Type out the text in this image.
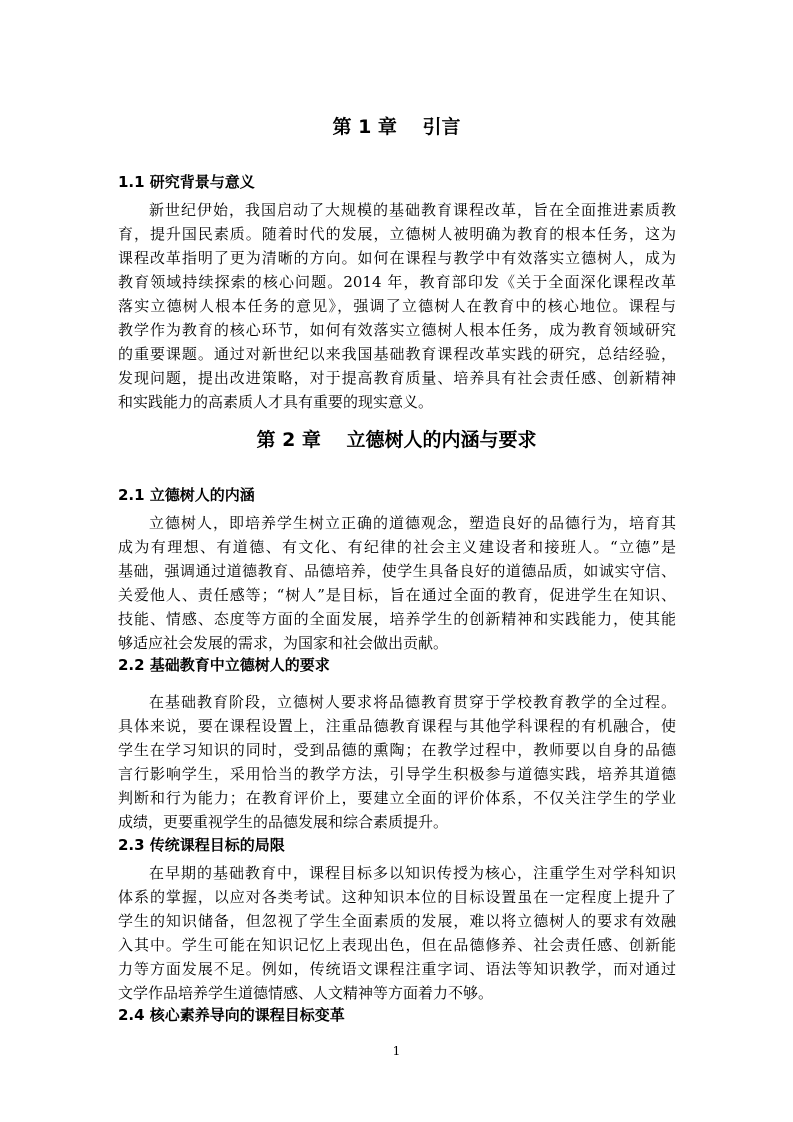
第 1 章　 引言
1.1 研究背景与意义
新世纪伊始，我国启动了大规模的基础教育课程改革，旨在全面推进素质教
育，提升国民素质。随着时代的发展，立德树人被明确为教育的根本任务，这为
课程改革指明了更为清晰的方向。如何在课程与教学中有效落实立德树人，成为
教育领域持续探索的核心问题。2014 年，教育部印发《关于全面深化课程改革
落实立德树人根本任务的意见》，强调了立德树人在教育中的核心地位。课程与
教学作为教育的核心环节，如何有效落实立德树人根本任务，成为教育领域研究
的重要课题。通过对新世纪以来我国基础教育课程改革实践的研究，总结经验，
发现问题，提出改进策略，对于提高教育质量、培养具有社会责任感、创新精神
和实践能力的高素质人才具有重要的现实意义。
第 2 章　 立德树人的内涵与要求
2.1 立德树人的内涵
立德树人，即培养学生树立正确的道德观念，塑造良好的品德行为，培育其
成为有理想、有道德、有文化、有纪律的社会主义建设者和接班人。“立德”是
基础，强调通过道德教育、品德培养，使学生具备良好的道德品质，如诚实守信、
关爱他人、责任感等；“树人”是目标，旨在通过全面的教育，促进学生在知识、
技能、情感、态度等方面的全面发展，培养学生的创新精神和实践能力，使其能
够适应社会发展的需求，为国家和社会做出贡献。
2.2 基础教育中立德树人的要求
在基础教育阶段，立德树人要求将品德教育贯穿于学校教育教学的全过程。
具体来说，要在课程设置上，注重品德教育课程与其他学科课程的有机融合，使
学生在学习知识的同时，受到品德的熏陶；在教学过程中，教师要以自身的品德
言行影响学生，采用恰当的教学方法，引导学生积极参与道德实践，培养其道德
判断和行为能力；在教育评价上，要建立全面的评价体系，不仅关注学生的学业
成绩，更要重视学生的品德发展和综合素质提升。
2.3 传统课程目标的局限
在早期的基础教育中，课程目标多以知识传授为核心，注重学生对学科知识
体系的掌握，以应对各类考试。这种知识本位的目标设置虽在一定程度上提升了
学生的知识储备，但忽视了学生全面素质的发展，难以将立德树人的要求有效融
入其中。学生可能在知识记忆上表现出色，但在品德修养、社会责任感、创新能
力等方面发展不足。例如，传统语文课程注重字词、语法等知识教学，而对通过
文学作品培养学生道德情感、人文精神等方面着力不够。
2.4 核心素养导向的课程目标变革
1
